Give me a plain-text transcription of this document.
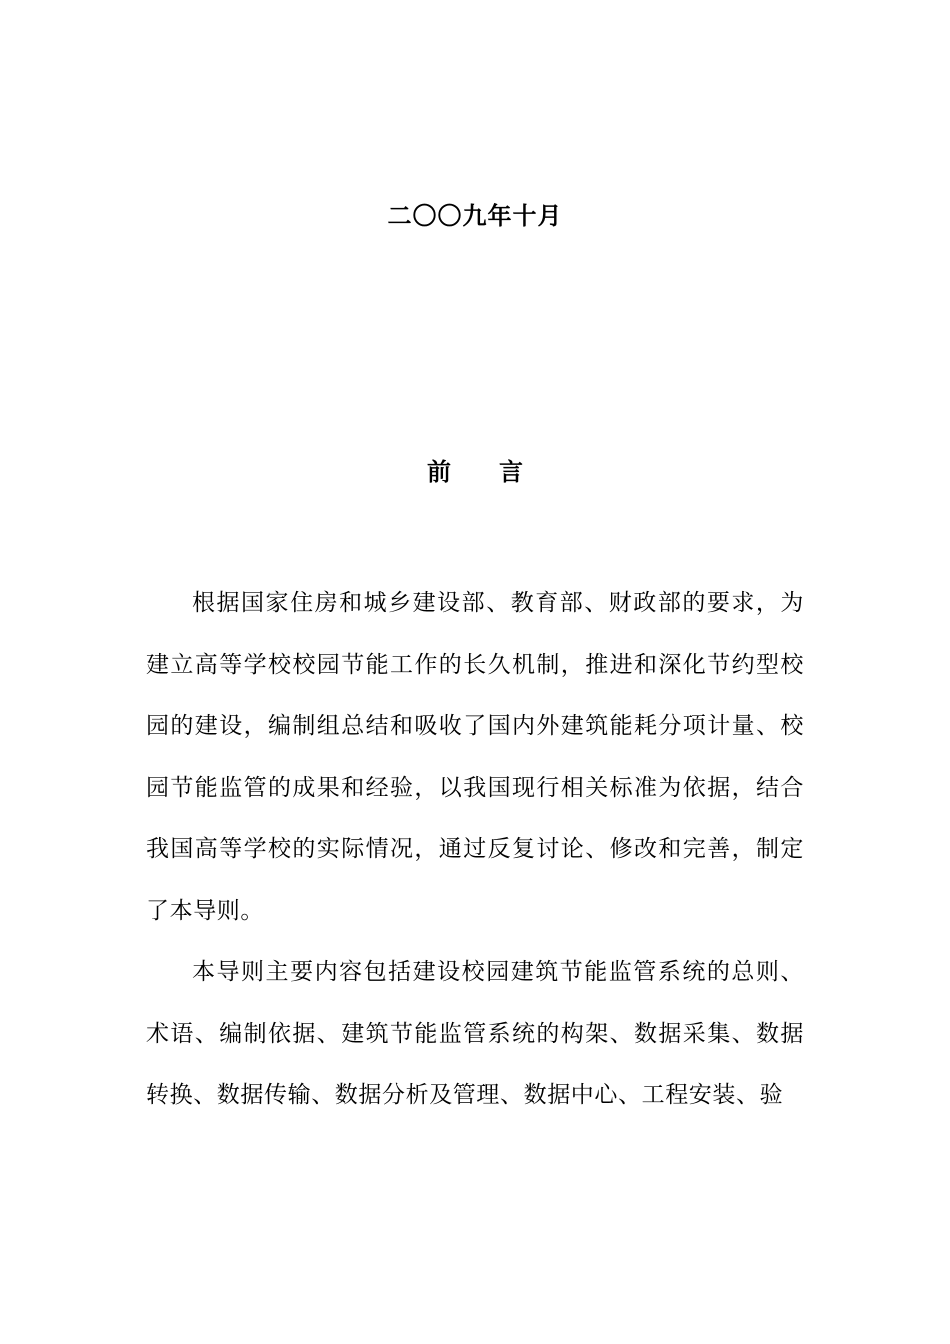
二〇〇九年十月
前言

根据国家住房和城乡建设部、教育部、财政部的要求，为建立高等学校校园节能工作的长久机制，推进和深化节约型校园的建设，编制组总结和吸收了国内外建筑能耗分项计量、校园节能监管的成果和经验，以我国现行相关标准为依据，结合我国高等学校的实际情况，通过反复讨论、修改和完善，制定了本导则。

本导则主要内容包括建设校园建筑节能监管系统的总则、术语、编制依据、建筑节能监管系统的构架、数据采集、数据转换、数据传输、数据分析及管理、数据中心、工程安装、验
